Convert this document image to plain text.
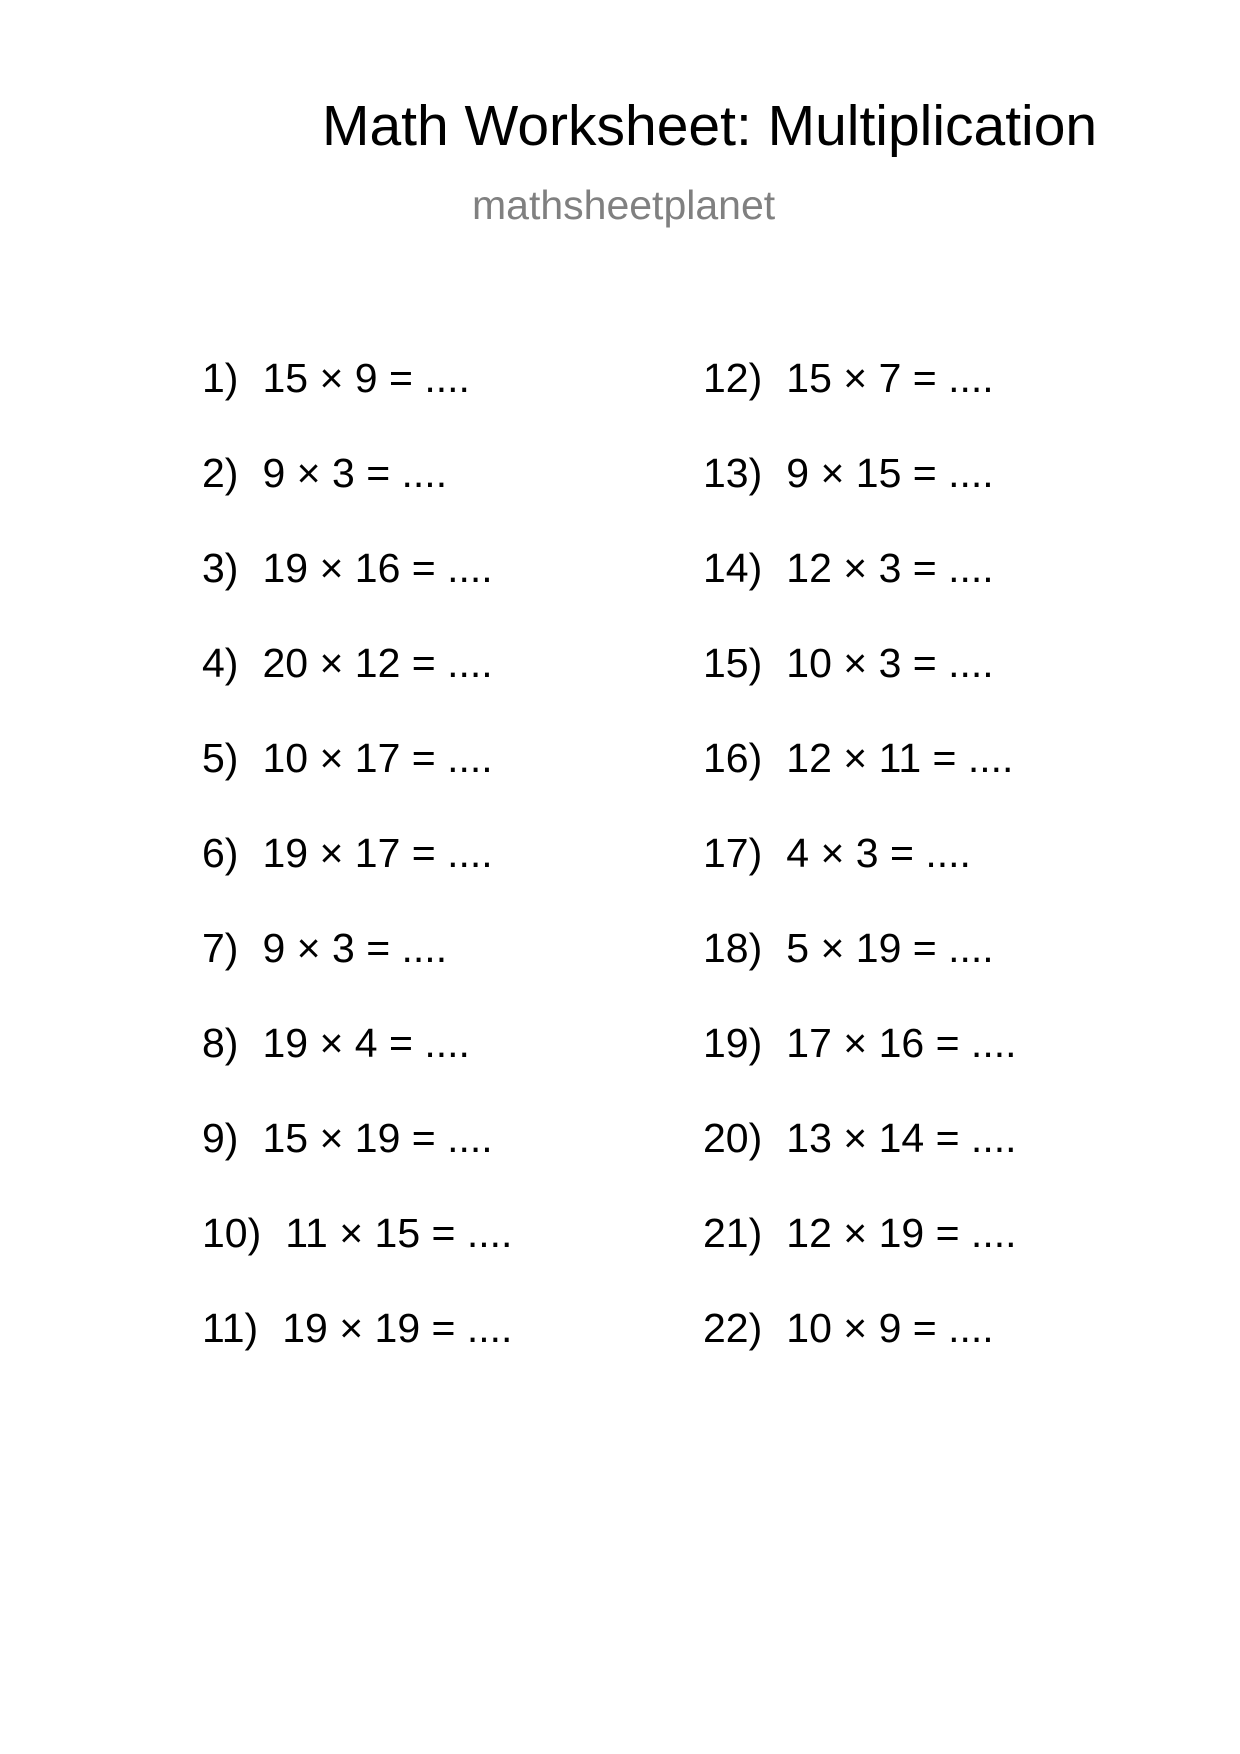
Math Worksheet: Multiplication
mathsheetplanet
1) 15 × 9 = ....
2) 9 × 3 = ....
3) 19 × 16 = ....
4) 20 × 12 = ....
5) 10 × 17 = ....
6) 19 × 17 = ....
7) 9 × 3 = ....
8) 19 × 4 = ....
9) 15 × 19 = ....
10) 11 × 15 = ....
11) 19 × 19 = ....
12) 15 × 7 = ....
13) 9 × 15 = ....
14) 12 × 3 = ....
15) 10 × 3 = ....
16) 12 × 11 = ....
17) 4 × 3 = ....
18) 5 × 19 = ....
19) 17 × 16 = ....
20) 13 × 14 = ....
21) 12 × 19 = ....
22) 10 × 9 = ....
